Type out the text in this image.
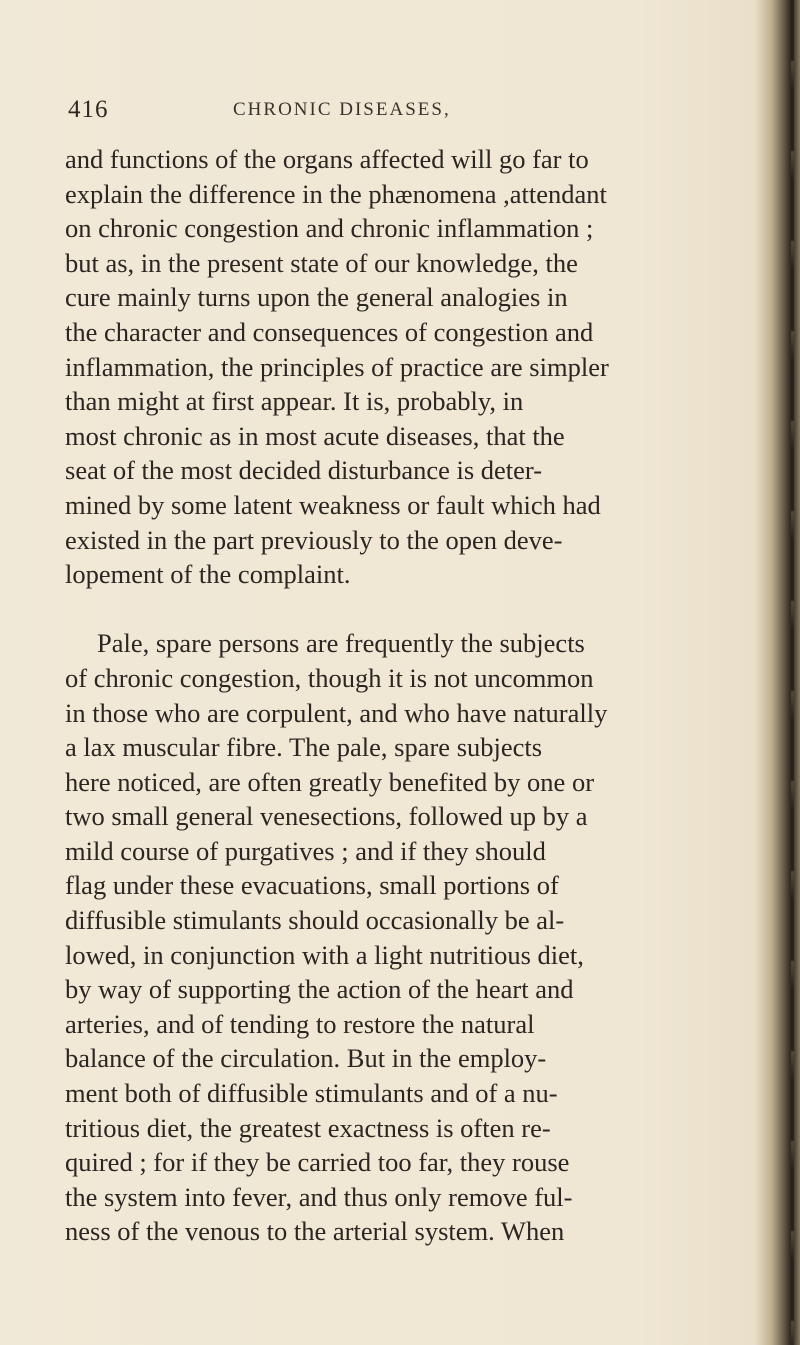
416	CHRONIC DISEASES,
and functions of the organs affected will go far to
explain the difference in the phænomena ,attendant
on chronic congestion and chronic inflammation ;
but as, in the present state of our knowledge, the
cure mainly turns upon the general analogies in
the character and consequences of congestion and
inflammation, the principles of practice are simpler
than might at first appear. It is, probably, in
most chronic as in most acute diseases, that the
seat of the most decided disturbance is deter-
mined by some latent weakness or fault which had
existed in the part previously to the open deve-
lopement of the complaint.
Pale, spare persons are frequently the subjects
of chronic congestion, though it is not uncommon
in those who are corpulent, and who have naturally
a lax muscular fibre. The pale, spare subjects
here noticed, are often greatly benefited by one or
two small general venesections, followed up by a
mild course of purgatives ; and if they should
flag under these evacuations, small portions of
diffusible stimulants should occasionally be al-
lowed, in conjunction with a light nutritious diet,
by way of supporting the action of the heart and
arteries, and of tending to restore the natural
balance of the circulation. But in the employ-
ment both of diffusible stimulants and of a nu-
tritious diet, the greatest exactness is often re-
quired ; for if they be carried too far, they rouse
the system into fever, and thus only remove ful-
ness of the venous to the arterial system. When
